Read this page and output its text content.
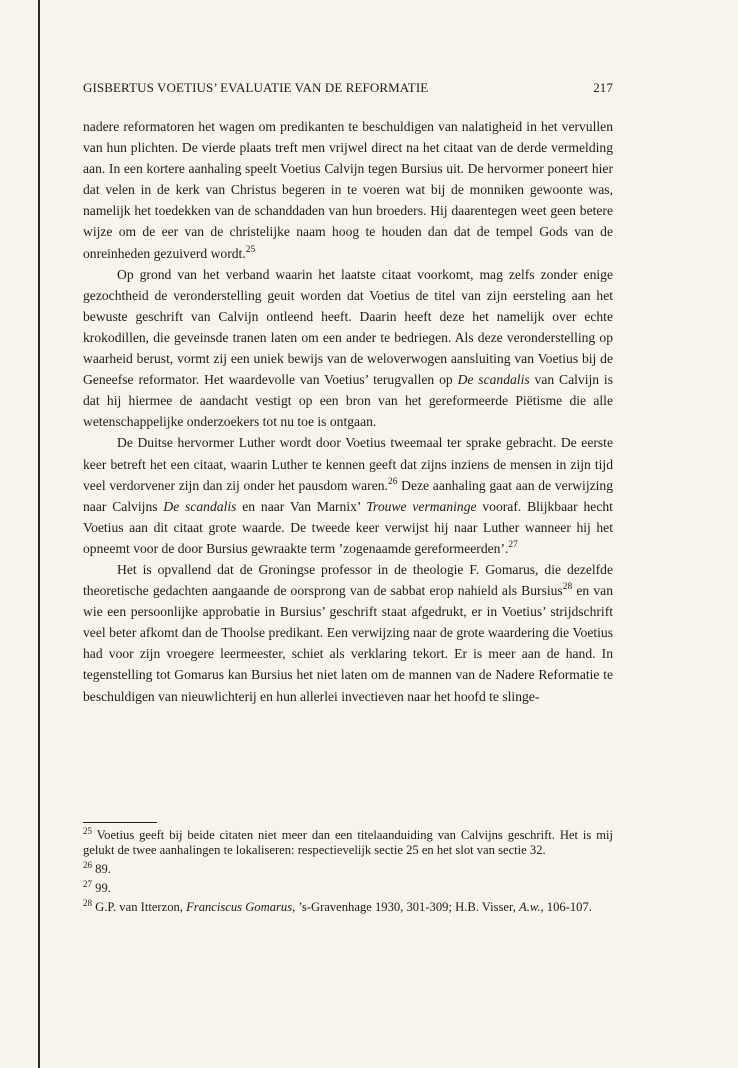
GISBERTUS VOETIUS’ EVALUATIE VAN DE REFORMATIE	217

nadere reformatoren het wagen om predikanten te beschuldigen van nalatigheid in het vervullen van hun plichten. De vierde plaats treft men vrijwel direct na het citaat van de derde vermelding aan. In een kortere aanhaling speelt Voetius Calvijn tegen Bursius uit. De hervormer poneert hier dat velen in de kerk van Christus begeren in te voeren wat bij de monniken gewoonte was, namelijk het toedekken van de schanddaden van hun broeders. Hij daarentegen weet geen betere wijze om de eer van de christelijke naam hoog te houden dan dat de tempel Gods van de onreinheden gezuiverd wordt.$^{25}$

Op grond van het verband waarin het laatste citaat voorkomt, mag zelfs zonder enige gezochtheid de veronderstelling geuit worden dat Voetius de titel van zijn eersteling aan het bewuste geschrift van Calvijn ontleend heeft. Daarin heeft deze het namelijk over echte krokodillen, die geveinsde tranen laten om een ander te bedriegen. Als deze veronderstelling op waarheid berust, vormt zij een uniek bewijs van de weloverwogen aansluiting van Voetius bij de Geneefse reformator. Het waardevolle van Voetius’ terugvallen op De scandalis van Calvijn is dat hij hiermee de aandacht vestigt op een bron van het gereformeerde Piëtisme die alle wetenschappelijke onderzoekers tot nu toe is ontgaan.

De Duitse hervormer Luther wordt door Voetius tweemaal ter sprake gebracht. De eerste keer betreft het een citaat, waarin Luther te kennen geeft dat zijns inziens de mensen in zijn tijd veel verdorvener zijn dan zij onder het pausdom waren.$^{26}$ Deze aanhaling gaat aan de verwijzing naar Calvijns De scandalis en naar Van Marnix’ Trouwe vermaninge vooraf. Blijkbaar hecht Voetius aan dit citaat grote waarde. De tweede keer verwijst hij naar Luther wanneer hij het opneemt voor de door Bursius gewraakte term ’zogenaamde gereformeerden’.$^{27}$

Het is opvallend dat de Groningse professor in de theologie F. Gomarus, die dezelfde theoretische gedachten aangaande de oorsprong van de sabbat erop nahield als Bursius$^{28}$ en van wie een persoonlijke approbatie in Bursius’ geschrift staat afgedrukt, er in Voetius’ strijdschrift veel beter afkomt dan de Thoolse predikant. Een verwijzing naar de grote waardering die Voetius had voor zijn vroegere leermeester, schiet als verklaring tekort. Er is meer aan de hand. In tegenstelling tot Gomarus kan Bursius het niet laten om de mannen van de Nadere Reformatie te beschuldigen van nieuwlichterij en hun allerlei invectieven naar het hoofd te slinge-

$^{25}$ Voetius geeft bij beide citaten niet meer dan een titelaanduiding van Calvijns geschrift. Het is mij gelukt de twee aanhalingen te lokaliseren: respectievelijk sectie 25 en het slot van sectie 32.
$^{26}$ 89.
$^{27}$ 99.
$^{28}$ G.P. van Itterzon, Franciscus Gomarus, ’s-Gravenhage 1930, 301-309; H.B. Visser, A.w., 106-107.
